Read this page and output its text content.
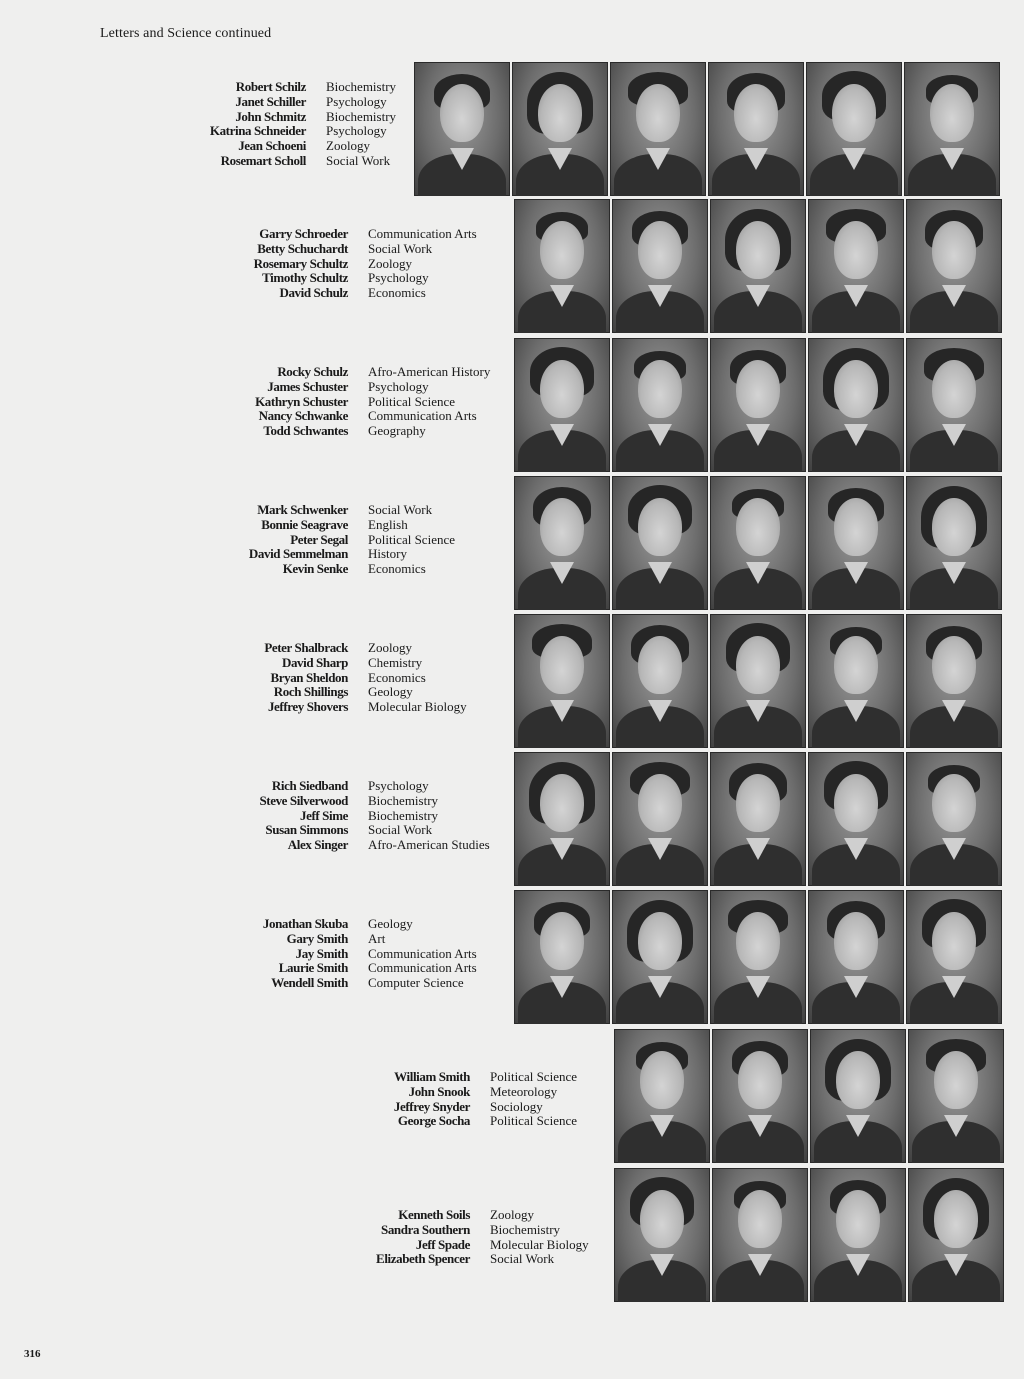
Letters and Science continued
Robert Schilz
Janet Schiller
John Schmitz
Katrina Schneider
Jean Schoeni
Rosemart Scholl
Biochemistry
Psychology
Biochemistry
Psychology
Zoology
Social Work
Garry Schroeder
Betty Schuchardt
Rosemary Schultz
Timothy Schultz
David Schulz
Communication Arts
Social Work
Zoology
Psychology
Economics
Rocky Schulz
James Schuster
Kathryn Schuster
Nancy Schwanke
Todd Schwantes
Afro-American History
Psychology
Political Science
Communication Arts
Geography
Mark Schwenker
Bonnie Seagrave
Peter Segal
David Semmelman
Kevin Senke
Social Work
English
Political Science
History
Economics
Peter Shalbrack
David Sharp
Bryan Sheldon
Roch Shillings
Jeffrey Shovers
Zoology
Chemistry
Economics
Geology
Molecular Biology
Rich Siedband
Steve Silverwood
Jeff Sime
Susan Simmons
Alex Singer
Psychology
Biochemistry
Biochemistry
Social Work
Afro-American Studies
Jonathan Skuba
Gary Smith
Jay Smith
Laurie Smith
Wendell Smith
Geology
Art
Communication Arts
Communication Arts
Computer Science
William Smith
John Snook
Jeffrey Snyder
George Socha
Political Science
Meteorology
Sociology
Political Science
Kenneth Soils
Sandra Southern
Jeff Spade
Elizabeth Spencer
Zoology
Biochemistry
Molecular Biology
Social Work
316
